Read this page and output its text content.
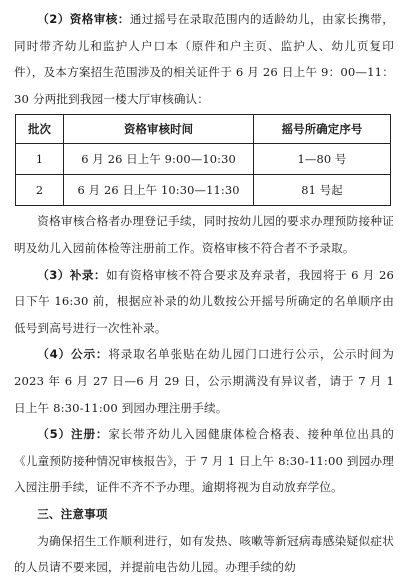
（2）资格审核：通过摇号在录取范围内的适龄幼儿，由家长携带，同时带齐幼儿和监护人户口本（原件和户主页、监护人、幼儿页复印件），及本方案招生范围涉及的相关证件于 6 月 26 日上午 9：00—11：30 分两批到我园一楼大厅审核确认：

批次	资格审核时间	摇号所确定序号
1	6 月 26 日上午 9:00—10:30	1—80 号
2	6 月 26 日上午 10:30—11:30	81 号起

资格审核合格者办理登记手续，同时按幼儿园的要求办理预防接种证明及幼儿入园前体检等注册前工作。资格审核不符合者不予录取。

（3）补录：如有资格审核不符合要求及弃录者，我园将于 6 月 26 日下午 16:30 前，根据应补录的幼儿数按公开摇号所确定的名单顺序由低号到高号进行一次性补录。

（4）公示：将录取名单张贴在幼儿园门口进行公示，公示时间为 2023 年 6 月 27 日—6 月 29 日，公示期满没有异议者，请于 7 月 1 日上午 8:30-11:00 到园办理注册手续。

（5）注册：家长带齐幼儿入园健康体检合格表、接种单位出具的《儿童预防接种情况审核报告》，于 7 月 1 日上午 8:30-11:00 到园办理入园注册手续，证件不齐不予办理。逾期将视为自动放弃学位。

三、注意事项

为确保招生工作顺利进行，如有发热、咳嗽等新冠病毒感染疑似症状的人员请不要来园，并提前电告幼儿园。办理手续的幼
